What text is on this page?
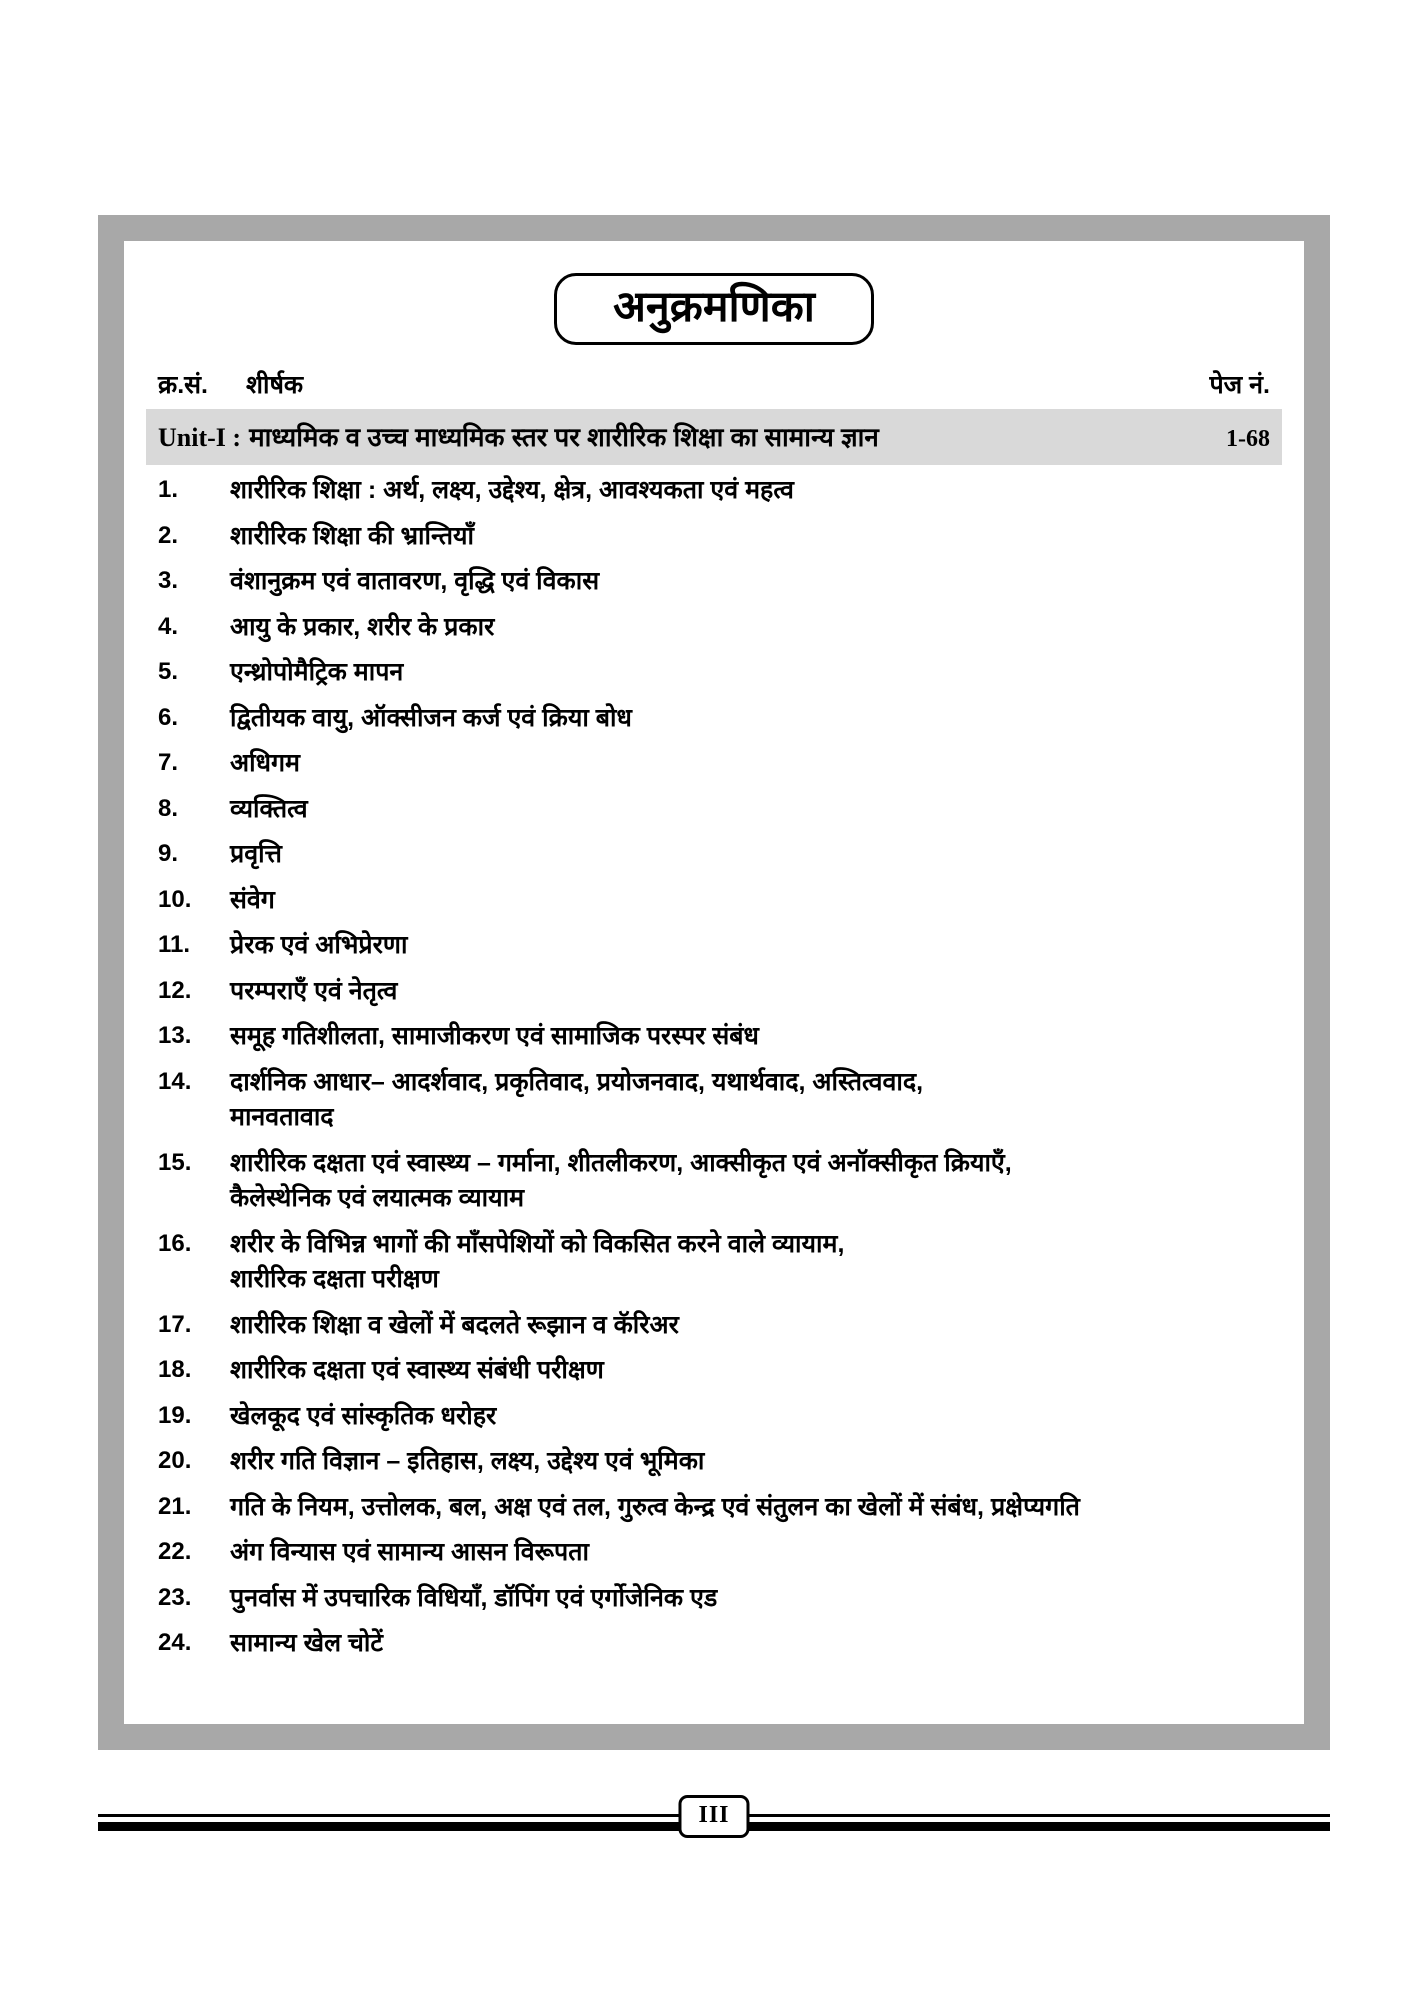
अनुक्रमणिका
क्र.सं.	शीर्षक	पेज नं.
Unit-I : माध्यमिक व उच्च माध्यमिक स्तर पर शारीरिक शिक्षा का सामान्य ज्ञान	1-68
1.	शारीरिक शिक्षा : अर्थ, लक्ष्य, उद्देश्य, क्षेत्र, आवश्यकता एवं महत्व
2.	शारीरिक शिक्षा की भ्रान्तियाँ
3.	वंशानुक्रम एवं वातावरण, वृद्धि एवं विकास
4.	आयु के प्रकार, शरीर के प्रकार
5.	एन्थ्रोपोमैट्रिक मापन
6.	द्वितीयक वायु, ऑक्सीजन कर्ज एवं क्रिया बोध
7.	अधिगम
8.	व्यक्तित्व
9.	प्रवृत्ति
10.	संवेग
11.	प्रेरक एवं अभिप्रेरणा
12.	परम्पराएँ एवं नेतृत्व
13.	समूह गतिशीलता, सामाजीकरण एवं सामाजिक परस्पर संबंध
14.	दार्शनिक आधार– आदर्शवाद, प्रकृतिवाद, प्रयोजनवाद, यथार्थवाद, अस्तित्ववाद,
मानवतावाद
15.	शारीरिक दक्षता एवं स्वास्थ्य – गर्माना, शीतलीकरण, आक्सीकृत एवं अनॉक्सीकृत क्रियाएँ,
कैलेस्थेनिक एवं लयात्मक व्यायाम
16.	शरीर के विभिन्न भागों की माँसपेशियों को विकसित करने वाले व्यायाम,
शारीरिक दक्षता परीक्षण
17.	शारीरिक शिक्षा व खेलों में बदलते रूझान व कॅरिअर
18.	शारीरिक दक्षता एवं स्वास्थ्य संबंधी परीक्षण
19.	खेलकूद एवं सांस्कृतिक धरोहर
20.	शरीर गति विज्ञान – इतिहास, लक्ष्य, उद्देश्य एवं भूमिका
21.	गति के नियम, उत्तोलक, बल, अक्ष एवं तल, गुरुत्व केन्द्र एवं संतुलन का खेलों में संबंध, प्रक्षेप्यगति
22.	अंग विन्यास एवं सामान्य आसन विरूपता
23.	पुनर्वास में उपचारिक विधियाँ, डॉपिंग एवं एर्गोजेनिक एड
24.	सामान्य खेल चोटें
III
